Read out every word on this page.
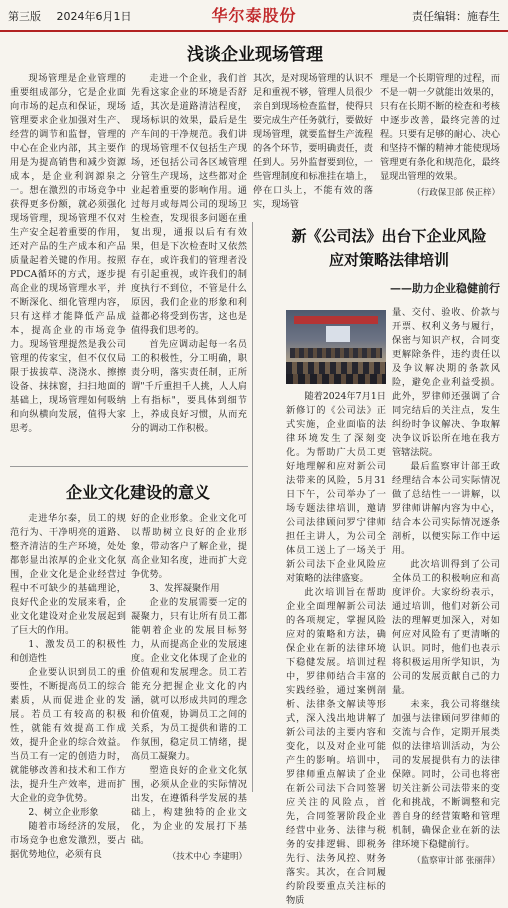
第三版 2024年6月1日	华尔泰股份	责任编辑：施春生
浅谈企业现场管理

现场管理是企业管理的重要组成部分，它是企业面向市场的起点和保证，现场管理要求企业加强对生产、经营的调节和监督，管理的中心在企业内部，其主要作用是为提高销售和减少资源成本，是企业利润源泉之一。想在激烈的市场竞争中获得更多份额，就必须强化现场管理，现场管理不仅对生产安全起着重要的作用，还对产品的生产成本和产品质量起着关键的作用。按照PDCA循环的方式，逐步提高企业的现场管理水平，并不断深化、细化管理内容，只有这样才能降低产品成本，提高企业的市场竞争力。现场管理提然是我公司管理的传家宝，但不仅仅局限于拔拔草、浇浇水、擦擦设备、抹抹窗，扫扫地面的基础上，现场管理如何吸纳和向纵横向发展，值得大家思考。

走进一个企业，我们首先看这家企业的环境是否舒适，其次是道路清洁程度，现场标识的效果，最后是生产车间的干净规范。我们讲的现场管理不仅包括生产现场，还包括公司各区域管理分管生产现场，这些都对企业起着重要的影响作用。通过每月或每周公司的现场卫生检查，发现很多问题在重复出现，通报以后有有效果，但是下次检查时又依然存在，或许我们的管理者没有引起重视，或许我们的制度执行不到位，不管是什么原因，我们企业的形象和利益都必将受到伤害，这也是值得我们思考的。

首先应调动起每一名员工的积极性，分工明确，职责分明，落实责任制，正所谓"千斤重担千人挑，人人肩上有指标"，要具体到细节上，养成良好习惯，从而充分的调动工作积极。

其次，是对现场管理的认识不足和重视不够，管理人员很少亲自到现场检查监督，使得只要完成生产任务就行，要做好现场管理，就要监督生产流程的各个环节，要明确责任，责任到人。另外监督要到位，一些管理制度和标准挂在墙上，停在口头上，不能有效的落实，现场管

理是一个长期管理的过程，而不是一朝一夕就能出效果的，只有在长期不断的检查和考核中逐步改善，最终完善的过程。只要有足够的耐心、决心和坚持不懈的精神才能使现场管理更有条化和规范化，最终显现出管理的效果。

（行政保卫部 侯正梓）
企业文化建设的意义

走进华尔泰，员工的规范行为、干净明亮的道路、整齐清洁的生产环境，处处都彰显出浓厚的企业文化氛围，企业文化是企业经营过程中不可缺少的基础理论，良好代企业的发展来看，企业文化建设对企业发展起到了巨大的作用。

1、激发员工的积极性和创造性

企业要认识到员工的重要性，不断提高员工的综合素质，从而促进企业的发展。若员工有较高的积极性，就能有效提高工作成效，提升企业的综合效益。当员工有一定的创造力时，就能够改善和技术和工作方法，提升生产效率，进而扩大企业的竞争优势。

2、树立企业形象

随着市场经济的发展，市场竞争也愈发激烈，要占据优势地位，必须有良

好的企业形象。企业文化可以帮助树立良好的企业形象，带动客户了解企业，提高企业知名度，进而扩大竞争优势。

3、发挥凝聚作用

企业的发展需要一定的凝聚力，只有让所有员工都能朝着企业的发展目标努力，从而提高企业的发展速度。企业文化体现了企业的价值观和发展理念。员工若能充分把握企业文化的内涵，就可以形成共同的理念和价值观，协调员工之间的关系，为员工提供和谐的工作氛围，稳定员工情绪，提高员工凝聚力。

塑造良好的企业文化氛围，必须从企业的实际情况出发，在遵循科学发展的基础上，构建独特的企业文化，为企业的发展打下基础。

（技术中心 李建明）
新《公司法》出台下企业风险
应对策略法律培训
——助力企业稳健前行

随着2024年7月1日新修订的《公司法》正式实施，企业面临的法律环境发生了深刻变化。为帮助广大员工更好地理解和应对新公司法带来的风险，5月31日下午，公司举办了一场专题法律培训，邀请公司法律顾问罗宁律师担任主讲人，为公司全体员工送上了一场关于新公司法下企业风险应对策略的法律盛宴。

此次培训旨在帮助企业全面理解新公司法的各项规定，掌握风险应对的策略和方法，确保企业在新的法律环境下稳健发展。培训过程中，罗律师结合丰富的实践经验，通过案例剖析、法律条文解读等形式，深入浅出地讲解了新公司法的主要内容和变化，以及对企业可能产生的影响。培训中，罗律师重点解读了企业在新公司法下合同签署应关注的风险点，首先，合同签署阶段企业经营中业务、法律与税务的安排逻辑、即税务先行、法务风控、财务落实。其次，在合同履约阶段要重点关注标的物质

量、交付、验收、价款与开票、权利义务与履行，保密与知识产权，合同变更解除条件，违约责任以及争议解决期的条款风险，避免企业利益受损。此外，罗律师还强调了合同完结后的关注点，发生纠纷时争议解决、争取解决争议诉讼所在地在我方管辖法院。

最后监察审计部王政经理结合本公司实际情况做了总结性一一讲解，以罗律师讲解内容为中心，结合本公司实际情况逐条剖析，以便实际工作中运用。

此次培训得到了公司全体员工的积极响应和高度评价。大家纷纷表示，通过培训，他们对新公司法的理解更加深入，对如何应对风险有了更清晰的认识。同时，他们也表示将积极运用所学知识，为公司的发展贡献自己的力量。

未来，我公司将继续加强与法律顾问罗律师的交流与合作，定期开展类似的法律培训活动，为公司的发展提供有力的法律保障。同时，公司也将密切关注新公司法带来的变化和挑战，不断调整和完善自身的经营策略和管理机制，确保企业在新的法律环境下稳健前行。

（监察审计部 张丽萍）
